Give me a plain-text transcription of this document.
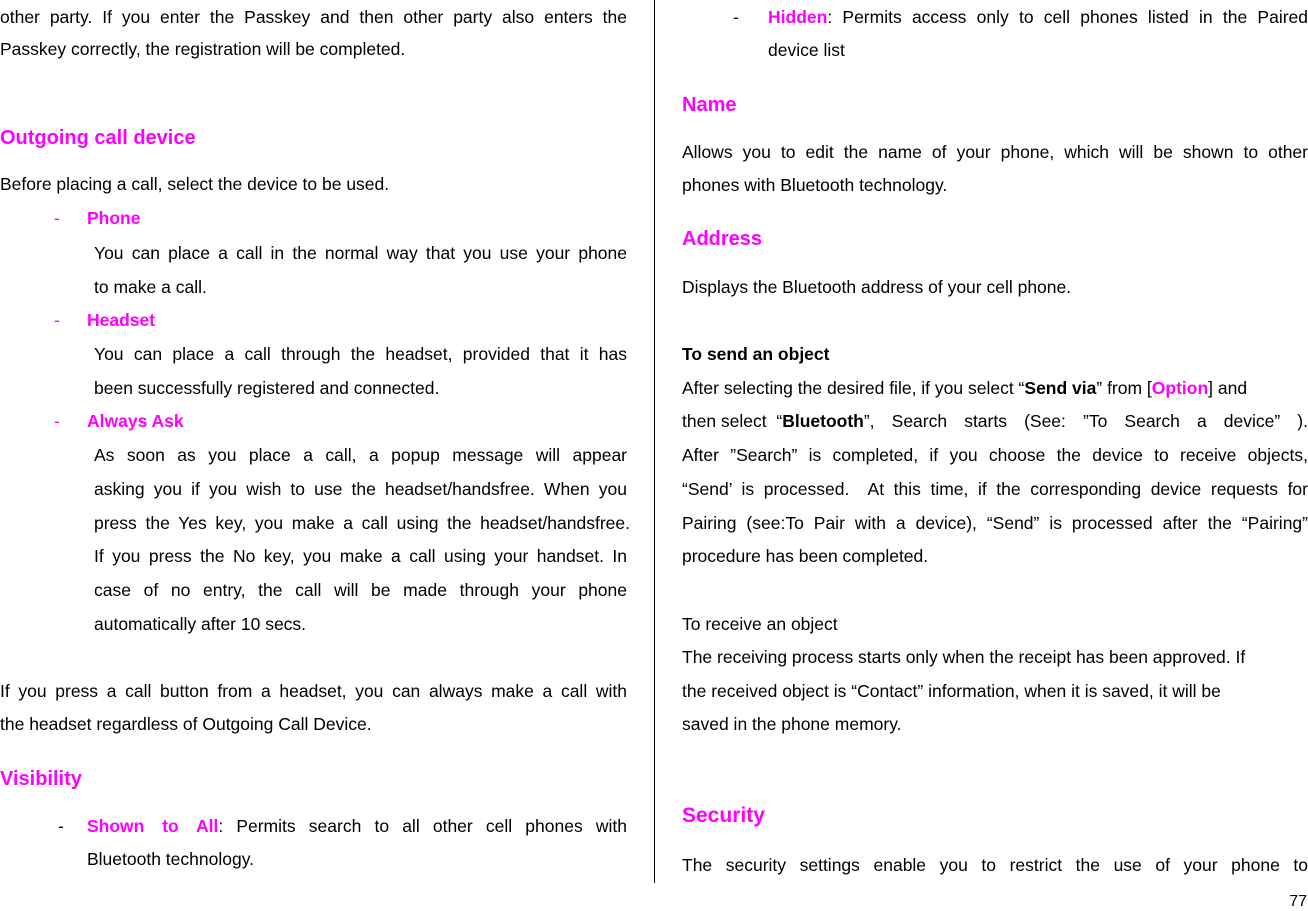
other party. If you enter the Passkey and then other party also enters the
Passkey correctly, the registration will be completed.
Outgoing call device
Before placing a call, select the device to be used.
- Phone
You can place a call in the normal way that you use your phone
to make a call.
- Headset
You can place a call through the headset, provided that it has
been successfully registered and connected.
- Always Ask
As soon as you place a call, a popup message will appear
asking you if you wish to use the headset/handsfree. When you
press the Yes key, you make a call using the headset/handsfree.
If you press the No key, you make a call using your handset. In
case of no entry, the call will be made through your phone
automatically after 10 secs.
If you press a call button from a headset, you can always make a call with
the headset regardless of Outgoing Call Device.
Visibility
- Shown to All : Permits search to all other cell phones with
Bluetooth technology.
- Hidden : Permits access only to cell phones listed in the Paired
device list
Name
Allows you to edit the name of your phone, which will be shown to other
phones with Bluetooth technology.
Address
Displays the Bluetooth address of your cell phone.
To send an object
After selecting the desired file, if you select “Send via” from [Option] and
then select  “ Bluetooth ”, Search starts (See: ”To Search a device” ).
After ”Search” is completed, if you choose the device to receive objects,
“Send’ is processed.  At this time, if the corresponding device requests for
Pairing (see:To Pair with a device), “Send” is processed after the “Pairing”
procedure has been completed.
To receive an object
The receiving process starts only when the receipt has been approved. If
the received object is “Contact” information, when it is saved, it will be
saved in the phone memory.
Security
The security settings enable you to restrict the use of your phone to
77
